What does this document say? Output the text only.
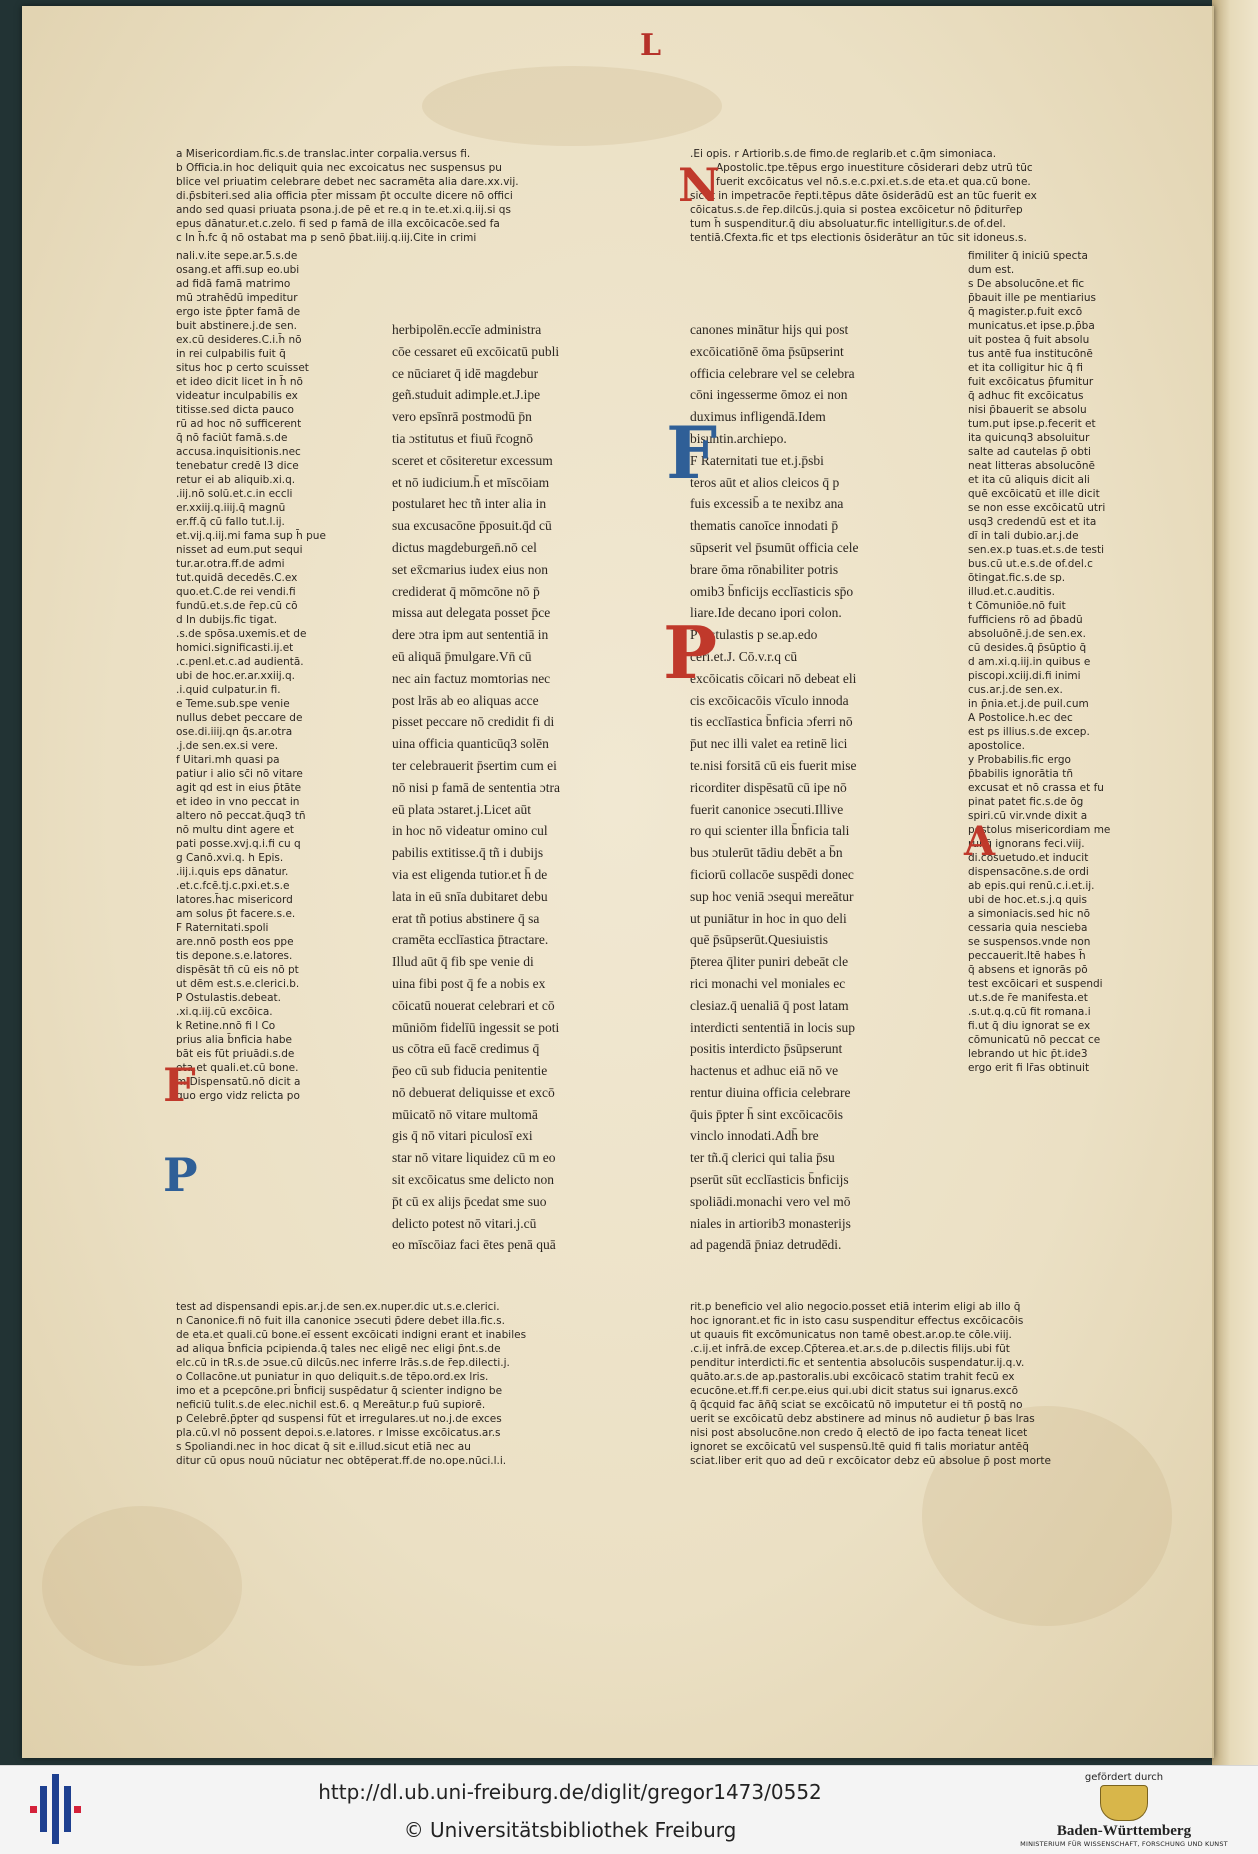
L
a Misericordiam.fic.s.de translac.inter corpalia.versus fi.
b Officia.in hoc deliquit quia nec excoicatus nec suspensus pu
blice vel priuatim celebrare debet nec sacramēta alia dare.xx.vij.
di.p̄sbiteri.sed alia officia pt̄er missam p̄t occulte dicere nō offici
ando sed quasi priuata psona.j.de pē et re.q in te.et.xi.q.iij.si qs
epus dānatur.et.c.zelo. fi sed p famā de illa excōicacōe.sed fa
c In h̄.fc q̄ nō ostabat ma p senō p̄bat.iiij.q.iij.Cite in crimi
.Ei opis. r Artiorib.s.de fimo.de reglarib.et c.q̄m simoniaca.
Apostolic.tpe.tēpus ergo inuestiture cōsiderari debz utrū tūc
fuerit excōicatus vel nō.s.e.c.pxi.et.s.de eta.et qua.cū bone.
sicut in impetracōe r̄epti.tēpus dāte ōsiderādū est an tūc fuerit ex
cōicatus.s.de r̄ep.dilcūs.j.quia si postea excōicetur nō p̄diturr̄ep
tum h̄ suspenditur.q̄ diu absoluatur.fic intelligitur.s.de of.del.
tentiā.Cfexta.fic et tps electionis ōsiderātur an tūc sit idoneus.s.
N
nali.v.ite sepe.ar.5.s.de
osang.et affi.sup eo.ubi
ad fidā famā matrimo
mū ɔtrahēdū impeditur
ergo iste p̄pter famā de
buit abstinere.j.de sen.
ex.cū desideres.C.i.h̄ nō
in rei culpabilis fuit q̄
situs hoc p certo scuisset
et ideo dicit licet in h̄ nō
videatur inculpabilis ex
titisse.sed dicta pauco
rū ad hoc nō sufficerent
q̄ nō faciūt famā.s.de
accusa.inquisitionis.nec
tenebatur credē l3 dice
retur ei ab aliquib.xi.q.
.iij.nō solū.et.c.in eccli
er.xxiij.q.iiij.q̄ magnū
er.ff.q̄ cū fallo tut.l.ij.
et.vij.q.iij.mi fama sup h̄ pue
nisset ad eum.put sequi
tur.ar.otra.ff.de admi
tut.quidā decedēs.C.ex
quo.et.C.de rei vendi.fi
fundū.et.s.de r̄ep.cū cō
d In dubijs.fic tigat.
.s.de spōsa.uxemis.et de
homici.significasti.ij.et
.c.penl.et.c.ad audientā.
ubi de hoc.er.ar.xxiij.q.
.i.quid culpatur.in fi.
e Teme.sub.spe venie
nullus debet peccare de
ose.di.iiij.qn q̄s.ar.otra
.j.de sen.ex.si vere.
f Uitari.mh quasi pa
patiur i alio sc̄i nō vitare
agit qd est in eius p̄tāte
et ideo in vno peccat in
altero nō peccat.q̄uq3 tn̄
nō multu dint agere et
pati posse.xvj.q.i.fi cu q
g Canō.xvi.q. h Epis.
.iij.i.quis eps dānatur.
.et.c.fcē.tj.c.pxi.et.s.e
latores.h̄ac misericord
am solus p̄t facere.s.e.
F Raternitati.spoli
are.nnō posth eos ppe
tis depone.s.e.latores.
dispēsāt tñ cū eis nō pt
ut dēm est.s.e.clerici.b.
P Ostulastis.debeat.
.xi.q.iij.cū excōica.
k Retine.nnō fi l Co
prius alia b̄nficia habe
bāt eis fūt priuādi.s.de
eta.et quali.et.cū bone.
m Dispensatū.nō dicit a
quo ergo vidz relicta po
herbipolēn.eccīe administra
cōe cessaret eū excōicatū publi
ce nūciaret q̄ idē magdebur
geñ.studuit adimple.et.J.ipe
vero epsīnrā postmodū p̄n
tia ɔstitutus et fiuū r̄cognō
sceret et cōsiteretur excessum
et nō iudicium.h̄ et mīscōiam
postularet hec tñ inter alia in
sua excusacōne p̄posuit.q̄d cū
dictus magdeburgen̄.nō cel
set ex̄cmarius iudex eius non
crediderat q̄ mōmcōne nō p̄
missa aut delegata posset p̄ce
dere ɔtra ipm aut sententiā in
eū aliquā p̄mulgare.Vn̄ cū
nec ain factuz momtorias nec
post lrās ab eo aliquas acce
pisset peccare nō credidit fi di
uina officia quanticūq3 solēn
ter celebrauerit p̄sertim cum ei
nō nisi p famā de sententia ɔtra
eū plata ɔstaret.j.Licet aūt
in hoc nō videatur omino cul
pabilis extitisse.q̄ tñ i dubijs
via est eligenda tutior.et h̄ de
lata in eū snīa dubitaret debu
erat tñ potius abstinere q̄ sa
cramēta ecclīastica p̄tractare.
Illud aūt q̄ fib spe venie di
uina fibi post q̄ fe a nobis ex
cōicatū nouerat celebrari et cō
mūniōm fidelīū ingessit se poti
us cōtra eū facē credimus q̄
p̄eo cū sub fiducia penitentie
nō debuerat deliquisse et excō
mūicatō nō vitare multomā
gis q̄ nō vitari piculosī exi
star nō vitare liquidez cū m eo
sit excōicatus sme delicto non
p̄t cū ex alijs p̄cedat sme suo
delicto potest nō vitari.j.cū
eo mīscōiaz faci ētes penā quā
canones minātur hijs qui post
excōicatiōnē ōma p̄sūpserint
officia celebrare vel se celebra
cōni ingesserme ōmoz ei non
duximus infligendā.Idem
bisuntin.archiepo.
F Raternitati tue et.j.p̄sbi
teros aūt et alios cleicos q̄ p
fuis excessib̄ a te nexibz ana
thematis canoīce innodati p̄
sūpserit vel p̄sumūt officia cele
brare ōma rōnabiliter potris
omib3 b̄nficijs ecclīasticis sp̄o
liare.Ide decano ipori colon.
P Ostulastis p se.ap.edo
ceri.et.J. Cō.v.r.q cū
excōicatis cōicari nō debeat eli
cis excōicacōis vīculo innoda
tis ecclīastica b̄nficia ɔferri nō
p̄ut nec illi valet ea retinē lici
te.nisi forsitā cū eis fuerit mise
ricorditer dispēsatū cū ipe nō
fuerit canonice ɔsecuti.Illive
ro qui scienter illa b̄nficia tali
bus ɔtulerūt tādiu debēt a b̄n
ficiorū collacōe suspēdi donec
sup hoc veniā ɔsequi mereātur
ut puniātur in hoc in quo deli
quē p̄sūpserūt.Quesiuistis
p̄terea q̄liter puniri debeāt cle
rici monachi vel moniales ec
clesiaz.q̄ uenaliā q̄ post latam
interdicti sententiā in locis sup
positis interdicto p̄sūpserunt
hactenus et adhuc eiā nō ve
rentur diuina officia celebrare
q̄uis p̄pter h̄ sint excōicacōis
vinclo innodati.Adh̄ bre
ter tñ.q̄ clerici qui talia p̄su
pserūt sūt ecclīasticis b̄nficijs
spoliādi.monachi vero vel mō
niales in artiorib3 monasterijs
ad pagendā p̄niaz detrudēdi.
fimiliter q̄ iniciū specta
dum est.
s De absolucōne.et fic
p̄bauit ille pe mentiarius
q̄ magister.p.fuit excō
municatus.et ipse.p.p̄ba
uit postea q̄ fuit absolu
tus antē fua institucōnē
et ita colligitur hic q̄ fi
fuit excōicatus p̄fumitur
q̄ adhuc fit excōicatus
nisi p̄bauerit se absolu
tum.put ipse.p.fecerit et
ita quicunq3 absoluitur
salte ad cautelas p̄ obti
neat litteras absolucōnē
et ita cū aliquis dicit ali
quē excōicatū et ille dicit
se non esse excōicatū utri
usq3 credendū est et ita
dī in tali dubio.ar.j.de
sen.ex.p tuas.et.s.de testi
bus.cū ut.e.s.de of.del.c
ōtingat.fic.s.de sp.
illud.et.c.auditis.
t Cōmuniōe.nō fuit
fufficiens rō ad p̄badū
absoluōnē.j.de sen.ex.
cū desides.q̄ p̄sūptio q̄
d am.xi.q.iij.in quibus e
piscopi.xciij.di.fi inimi
cus.ar.j.de sen.ex.
in p̄nia.et.j.de puil.cum
A Postolice.h.ec dec
est ps illius.s.de excep.
apostolice.
y Probabilis.fic ergo
p̄babilis ignorātia tñ
excusat et nō crassa et fu
pinat patet fic.s.de ōg
spiri.cū vir.vnde dixit a
postolus misericordiam me
rui q̄ ignorans feci.viij.
di.cōsuetudo.et inducit
dispensacōne.s.de ordi
ab epis.qui renū.c.i.et.ij.
ubi de hoc.et.s.j.q quis
a simoniacis.sed hic nō
cessaria quia nescieba
se suspensos.vnde non
peccauerit.Itē habes h̄
q̄ absens et ignorās pō
test excōicari et suspendi
ut.s.de r̄e manifesta.et
.s.ut.q.q.cū fit romana.i
fi.ut q̄ diu ignorat se ex
cōmunicatū nō peccat ce
lebrando ut hic p̄t.ide3
ergo erit fi lr̄as obtinuit
F
P
F
P
A
test ad dispensandi epis.ar.j.de sen.ex.nuper.dic ut.s.e.clerici.
n Canonice.fi nō fuit illa canonice ɔsecuti p̄dere debet illa.fic.s.
de eta.et quali.cū bone.eī essent excōicati indigni erant et inabiles
ad aliqua b̄nficia pcipienda.q̄ tales nec eligē nec eligi p̄nt.s.de
elc.cū in tR.s.de ɔsue.cū dilcūs.nec inferre lrās.s.de r̄ep.dilecti.j.
o Collacōne.ut puniatur in quo deliquit.s.de tēpo.ord.ex lris.
imo et a pcepcōne.pri b̄nficij suspēdatur q̄ scienter indigno be
neficiū tulit.s.de elec.nichil est.6. q Mereātur.p fuū supiorē.
p Celebrē.p̄pter qd suspensi fūt et irregulares.ut no.j.de exces
pla.cū.vl nō possent depoi.s.e.latores. r lmisse excōicatus.ar.s
s Spoliandi.nec in hoc dicat q̄ sit e.illud.sicut etiā nec au
ditur cū opus nouū nūciatur nec obtēperat.ff.de no.ope.nūci.l.i.
rit.p beneficio vel alio negocio.posset etiā interim eligi ab illo q̄
hoc ignorant.et fic in isto casu suspenditur effectus excōicacōis
ut quauis fit excōmunicatus non tamē obest.ar.op.te cōle.viij.
.c.ij.et infrā.de excep.Cp̄terea.et.ar.s.de p.dilectis filijs.ubi fūt
penditur interdicti.fic et sententia absolucōis suspendatur.ij.q.v.
quāto.ar.s.de ap.pastoralis.ubi excōicacō statim trahit fecū ex
ecucōne.et.ff.fi cer.pe.eius qui.ubi dicit status sui ignarus.excō
q̄ q̄cquid fac āñq̄ sciat se excōicatū nō imputetur ei tñ postq̄ no
uerit se excōicatū debz abstinere ad minus nō audietur p̄ bas lras
nisi post absolucōne.non credo q̄ electō de ipo facta teneat licet
ignoret se excōicatū vel suspensū.Itē quid fi talis moriatur antēq̄
sciat.liber erit quo ad deū r excōicator debz eū absolue p̄ post morte
http://dl.ub.uni-freiburg.de/diglit/gregor1473/0552
© Universitätsbibliothek Freiburg
gefördert durch
Baden-Württemberg
MINISTERIUM FÜR WISSENSCHAFT, FORSCHUNG UND KUNST
